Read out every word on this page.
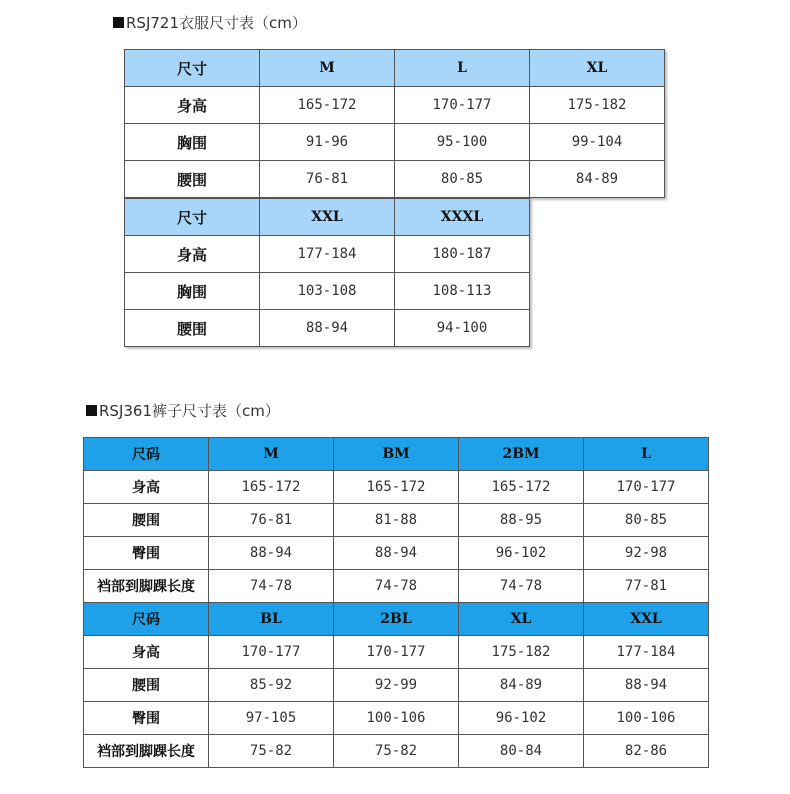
RSJ721衣服尺寸表（cm）
尺寸	M	L	XL
身高	165-172	170-177	175-182
胸围	91-96	95-100	99-104
腰围	76-81	80-85	84-89
尺寸	XXL	XXXL
身高	177-184	180-187
胸围	103-108	108-113
腰围	88-94	94-100
RSJ361裤子尺寸表（cm）
尺码	M	BM	2BM	L
身高	165-172	165-172	165-172	170-177
腰围	76-81	81-88	88-95	80-85
臀围	88-94	88-94	96-102	92-98
裆部到脚踝长度	74-78	74-78	74-78	77-81
尺码	BL	2BL	XL	XXL
身高	170-177	170-177	175-182	177-184
腰围	85-92	92-99	84-89	88-94
臀围	97-105	100-106	96-102	100-106
裆部到脚踝长度	75-82	75-82	80-84	82-86
